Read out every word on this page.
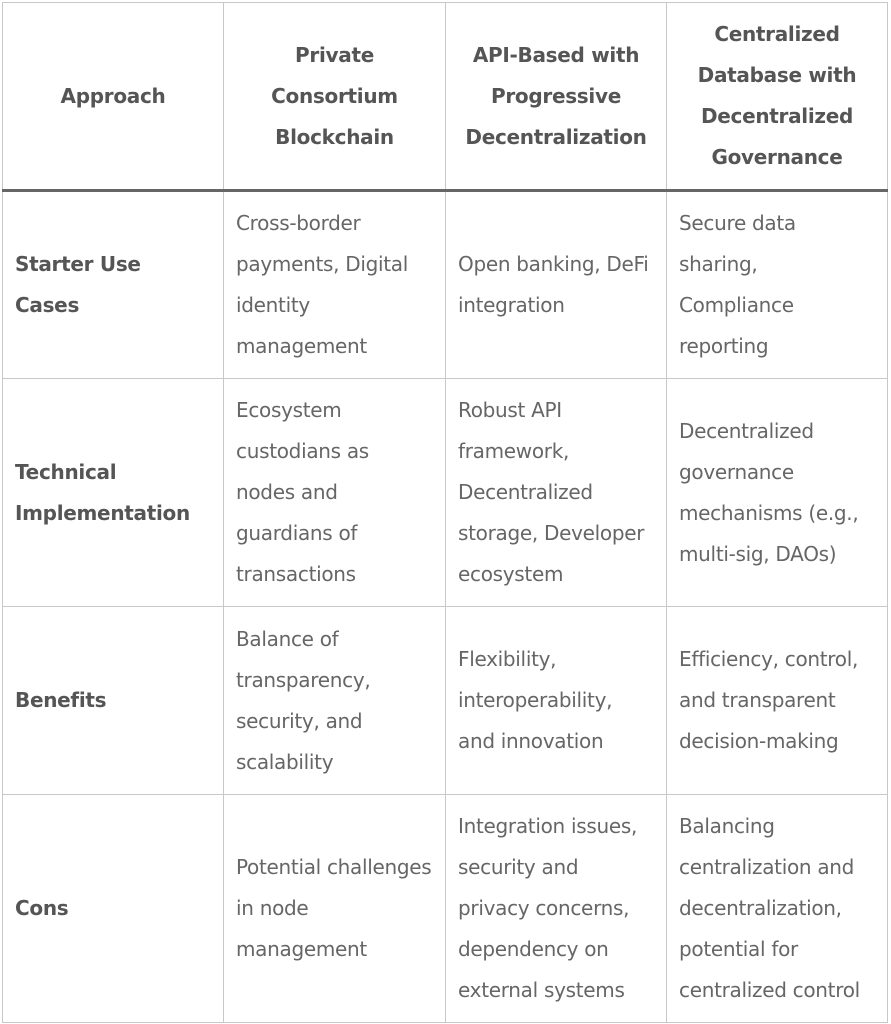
Approach	Private Consortium Blockchain	API-Based with Progressive Decentralization	Centralized Database with Decentralized Governance
Starter Use Cases	Cross-border payments, Digital identity management	Open banking, DeFi integration	Secure data sharing, Compliance reporting
Technical Implementation	Ecosystem custodians as nodes and guardians of transactions	Robust API framework, Decentralized storage, Developer ecosystem	Decentralized governance mechanisms (e.g., multi-sig, DAOs)
Benefits	Balance of transparency, security, and scalability	Flexibility, interoperability, and innovation	Efficiency, control, and transparent decision-making
Cons	Potential challenges in node management	Integration issues, security and privacy concerns, dependency on external systems	Balancing centralization and decentralization, potential for centralized control
